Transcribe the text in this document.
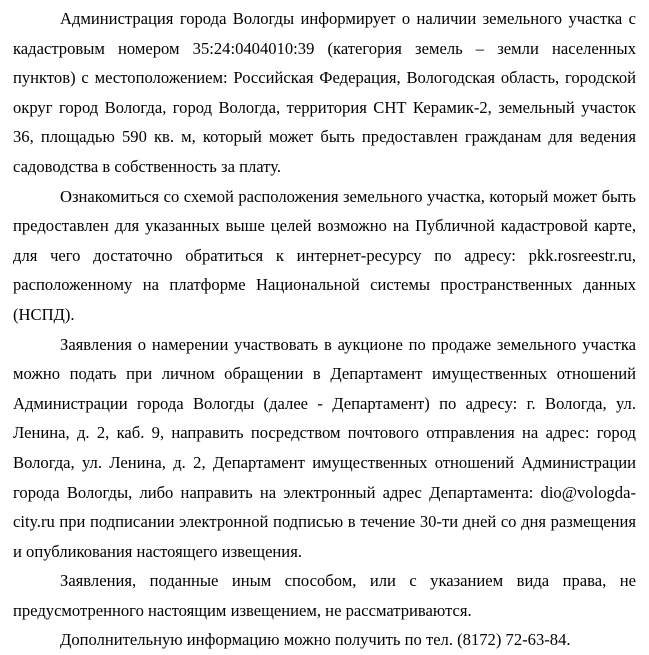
Администрация города Вологды информирует о наличии земельного участка с кадастровым номером 35:24:0404010:39 (категория земель – земли населенных пунктов) с местоположением: Российская Федерация, Вологодская область, городской округ город Вологда, город Вологда, территория СНТ Керамик-2, земельный участок 36, площадью 590 кв. м, который может быть предоставлен гражданам для ведения садоводства в собственность за плату.

Ознакомиться со схемой расположения земельного участка, который может быть предоставлен для указанных выше целей возможно на Публичной кадастровой карте, для чего достаточно обратиться к интернет-ресурсу по адресу: pkk.rosreestr.ru, расположенному на платформе Национальной системы пространственных данных (НСПД).

Заявления о намерении участвовать в аукционе по продаже земельного участка можно подать при личном обращении в Департамент имущественных отношений Администрации города Вологды (далее - Департамент) по адресу: г. Вологда, ул. Ленина, д. 2, каб. 9, направить посредством почтового отправления на адрес: город Вологда, ул. Ленина, д. 2, Департамент имущественных отношений Администрации города Вологды, либо направить на электронный адрес Департамента: dio@vologda-city.ru при подписании электронной подписью в течение 30-ти дней со дня размещения и опубликования настоящего извещения.

Заявления, поданные иным способом, или с указанием вида права, не предусмотренного настоящим извещением, не рассматриваются.

Дополнительную информацию можно получить по тел. (8172) 72-63-84.
